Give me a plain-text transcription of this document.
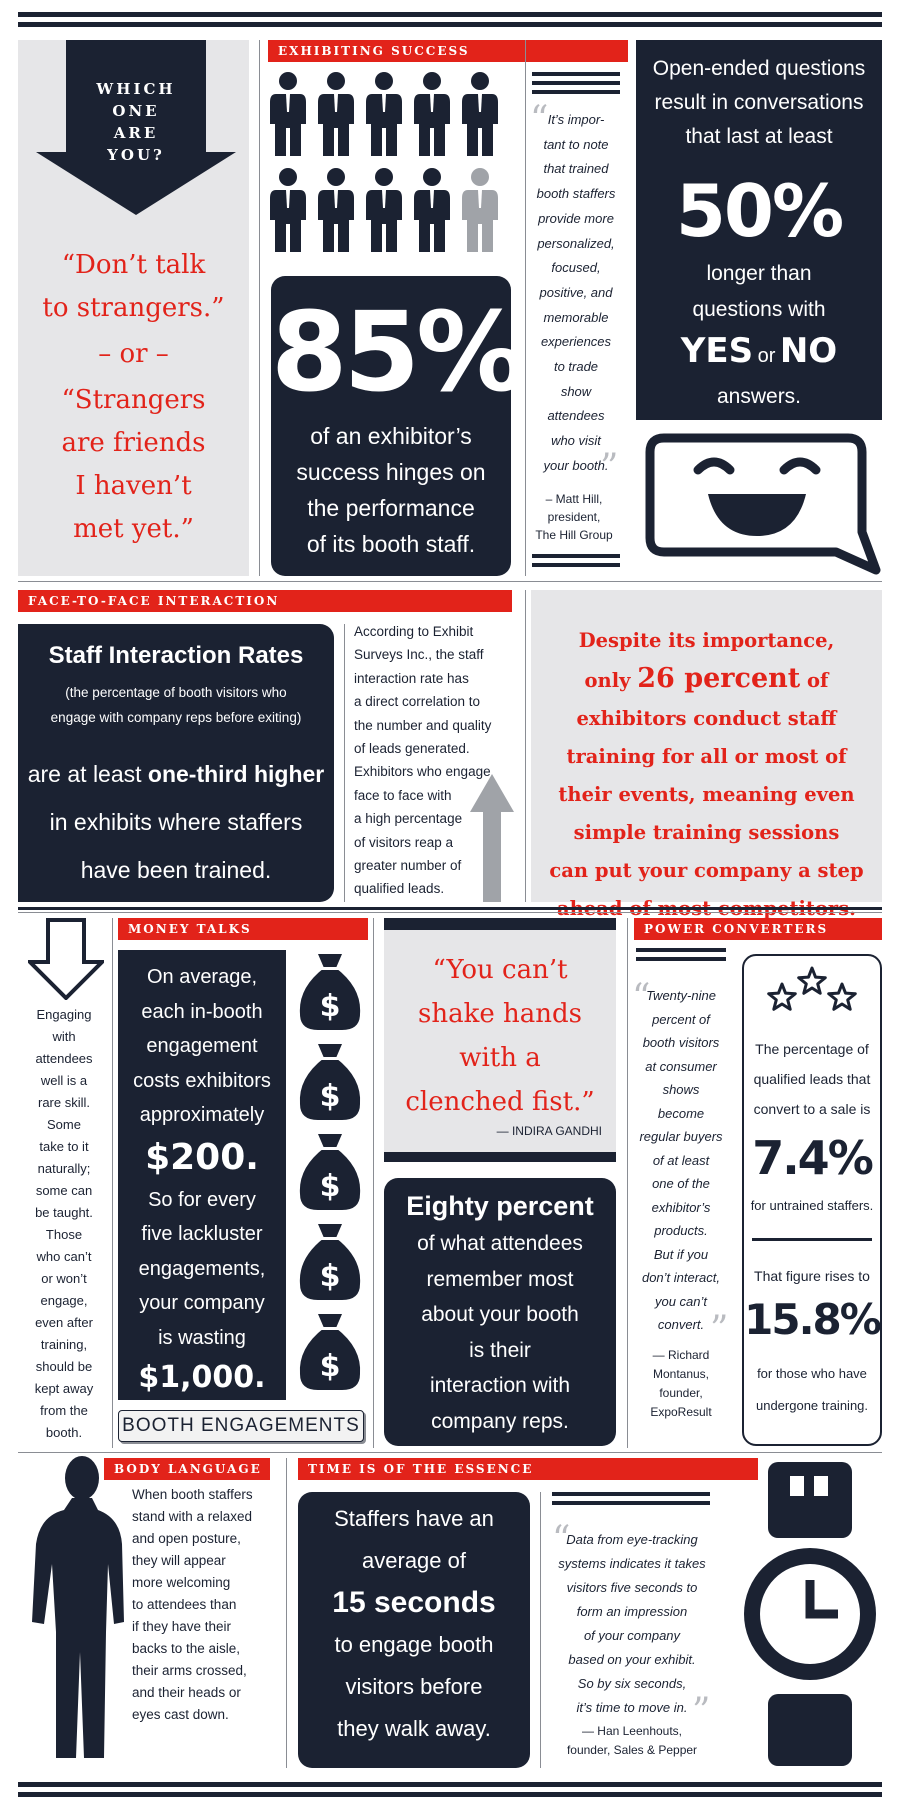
WHICH
ONE
ARE
YOU?
“Don’t talk
to strangers.”
– or –
“Strangers
are friends
I haven’t
met yet.”
EXHIBITING SUCCESS
85%
of an exhibitor’s
success hinges on
the performance
of its booth staff.
“ It’s impor-
tant to note
that trained
booth staffers
provide more
personalized,
focused,
positive, and
memorable
experiences
to trade
show
attendees
who visit
your booth.
”
– Matt Hill,
president,
The Hill Group
Open-ended questions
result in conversations
that last at least
50%
longer than
questions with
YES or NO
answers.
FACE-TO-FACE INTERACTION
Staff Interaction Rates
(the percentage of booth visitors who
engage with company reps before exiting)
are at least one-third higher
in exhibits where staffers
have been trained.
According to Exhibit
Surveys Inc., the staff
interaction rate has
a direct correlation to
the number and quality
of leads generated.
Exhibitors who engage
face to face with
a high percentage
of visitors reap a
greater number of
qualified leads.
Despite its importance,
only 26 percent of
exhibitors conduct staff
training for all or most of
their events, meaning even
simple training sessions
can put your company a step
Engaging
with
attendees
well is a
rare skill.
Some
take to it
naturally;
some can
be taught.
Those
who can’t
or won’t
engage,
even after
training,
should be
kept away
from the
booth.
MONEY TALKS
On average,
each in-booth
engagement
costs exhibitors
approximately
$200.
So for every
five lackluster
engagements,
your company
is wasting
$1,000.
$
$
$
$
$
BOOTH ENGAGEMENTS
“You can’t
shake hands
with a
clenched fist.”
— INDIRA GANDHI
Eighty percent
of what attendees
remember most
about your booth
is their
interaction with
company reps.
POWER CONVERTERS
“
Twenty-nine
percent of
booth visitors
at consumer
shows
become
regular buyers
of at least
one of the
exhibitor’s
products.
But if you
don’t interact,
you can’t
convert. ”
— Richard
Montanus,
founder,
ExpoResult
The percentage of
qualified leads that
convert to a sale is
7.4%
for untrained staffers.
That figure rises to
15.8%
for those who have
undergone training.
BODY LANGUAGE
When booth staffers
stand with a relaxed
and open posture,
they will appear
more welcoming
to attendees than
if they have their
backs to the aisle,
their arms crossed,
and their heads or
eyes cast down.
TIME IS OF THE ESSENCE
Staffers have an
average of
15 seconds
to engage booth
visitors before
they walk away.
“
Data from eye-tracking
systems indicates it takes
visitors five seconds to
form an impression
of your company
based on your exhibit.
So by six seconds,
it’s time to move in. ”
— Han Leenhouts,
founder, Sales & Pepper
